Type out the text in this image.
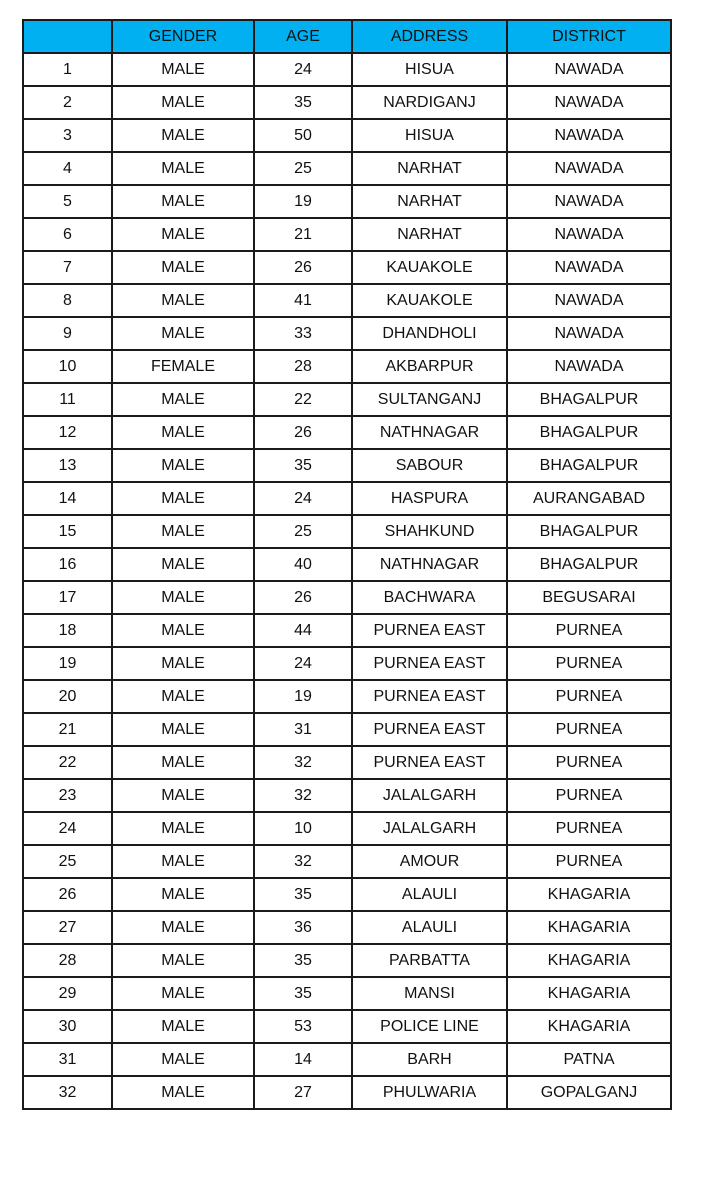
	GENDER	AGE	ADDRESS	DISTRICT
1	MALE	24	HISUA	NAWADA
2	MALE	35	NARDIGANJ	NAWADA
3	MALE	50	HISUA	NAWADA
4	MALE	25	NARHAT	NAWADA
5	MALE	19	NARHAT	NAWADA
6	MALE	21	NARHAT	NAWADA
7	MALE	26	KAUAKOLE	NAWADA
8	MALE	41	KAUAKOLE	NAWADA
9	MALE	33	DHANDHOLI	NAWADA
10	FEMALE	28	AKBARPUR	NAWADA
11	MALE	22	SULTANGANJ	BHAGALPUR
12	MALE	26	NATHNAGAR	BHAGALPUR
13	MALE	35	SABOUR	BHAGALPUR
14	MALE	24	HASPURA	AURANGABAD
15	MALE	25	SHAHKUND	BHAGALPUR
16	MALE	40	NATHNAGAR	BHAGALPUR
17	MALE	26	BACHWARA	BEGUSARAI
18	MALE	44	PURNEA EAST	PURNEA
19	MALE	24	PURNEA EAST	PURNEA
20	MALE	19	PURNEA EAST	PURNEA
21	MALE	31	PURNEA EAST	PURNEA
22	MALE	32	PURNEA EAST	PURNEA
23	MALE	32	JALALGARH	PURNEA
24	MALE	10	JALALGARH	PURNEA
25	MALE	32	AMOUR	PURNEA
26	MALE	35	ALAULI	KHAGARIA
27	MALE	36	ALAULI	KHAGARIA
28	MALE	35	PARBATTA	KHAGARIA
29	MALE	35	MANSI	KHAGARIA
30	MALE	53	POLICE LINE	KHAGARIA
31	MALE	14	BARH	PATNA
32	MALE	27	PHULWARIA	GOPALGANJ
